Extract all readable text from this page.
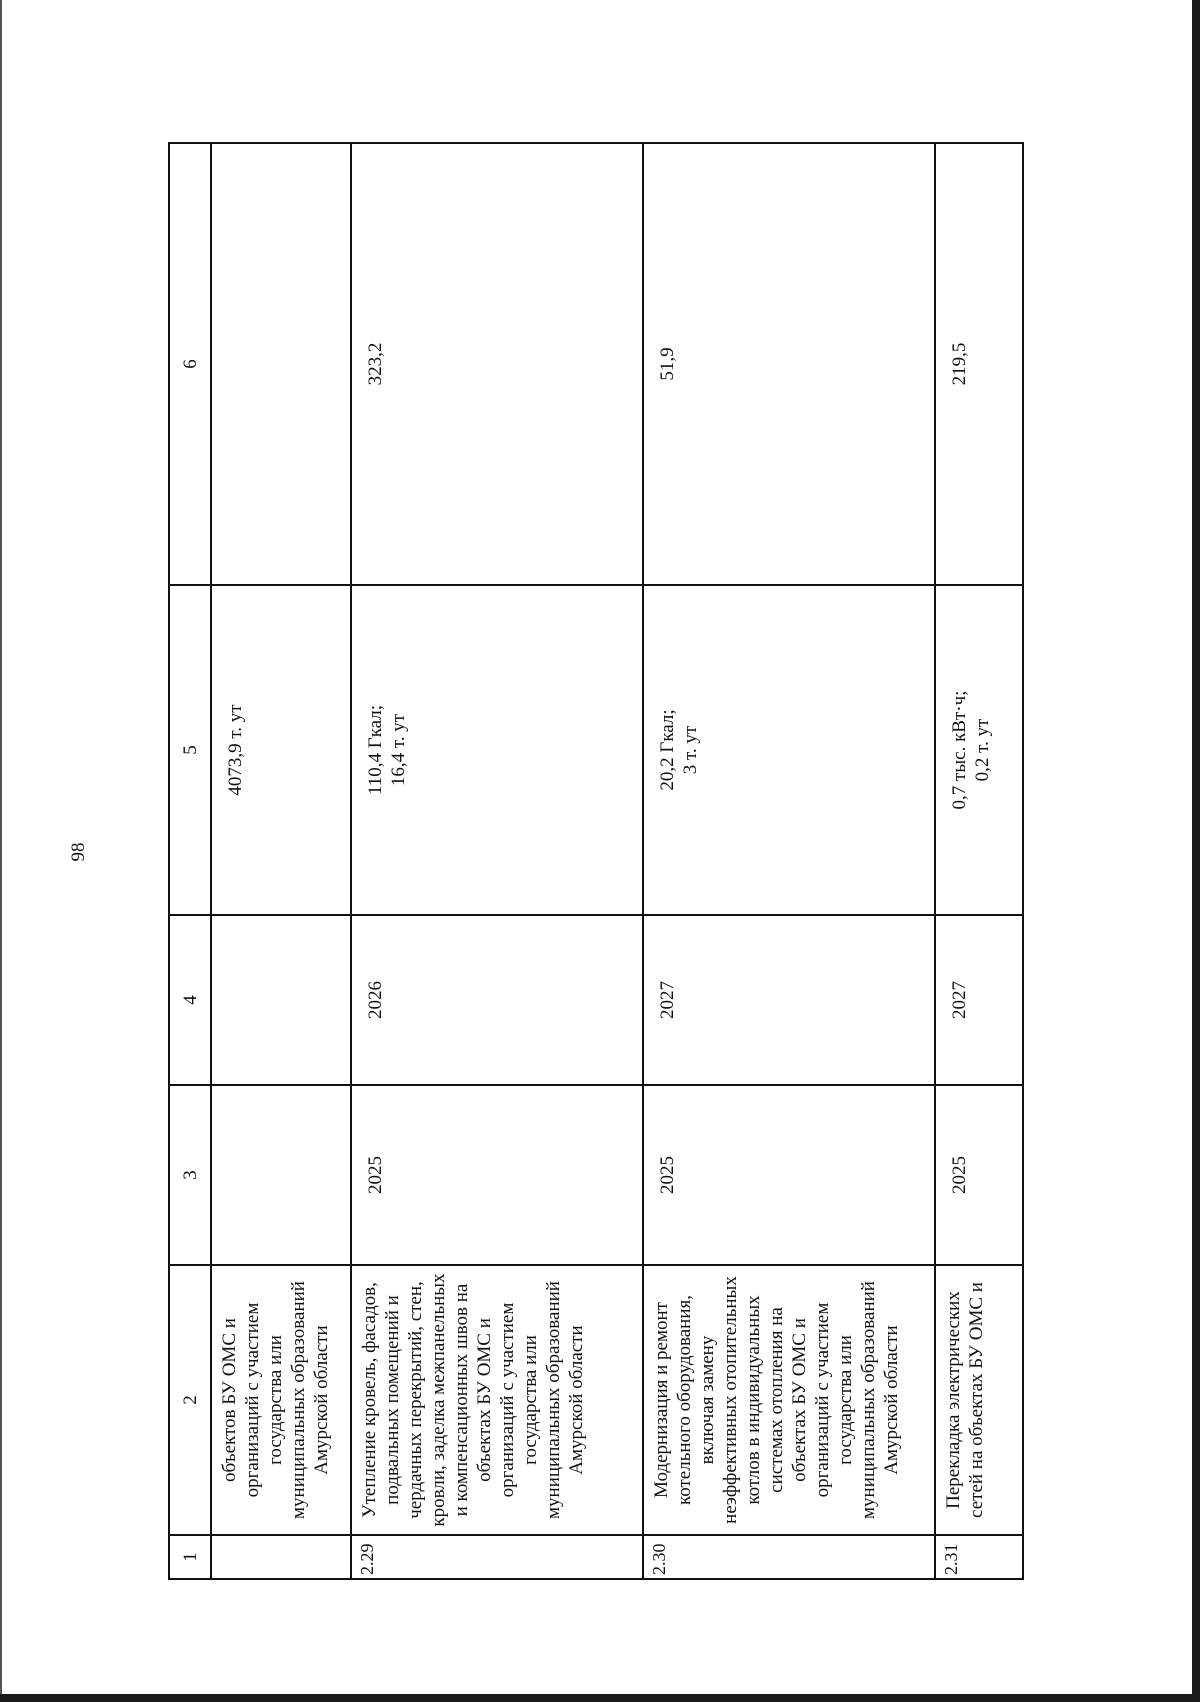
98
1	2	3	4	5	6
	объектов БУ ОМС и организаций с участием государства или муниципальных образований Амурской области			4073,9 т. ут	

2.29	Утепление кровель, фасадов, подвальных помещений и чердачных перекрытий, стен, кровли, заделка межпанельных и компенсационных швов на объектах БУ ОМС и организаций с участием государства или муниципальных образований Амурской области	2025	2026	110,4 Гкал; 16,4 т. ут	323,2
2.30	Модернизация и ремонт котельного оборудования, включая замену неэффективных отопительных котлов в индивидуальных системах отопления на объектах БУ ОМС и организаций с участием государства или муниципальных образований Амурской области	2025	2027	20,2 Гкал; 3 т. ут	51,9
2.31	Перекладка электрических сетей на объектах БУ ОМС и	2025	2027	0,7 тыс. кВт·ч; 0,2 т. ут	219,5
